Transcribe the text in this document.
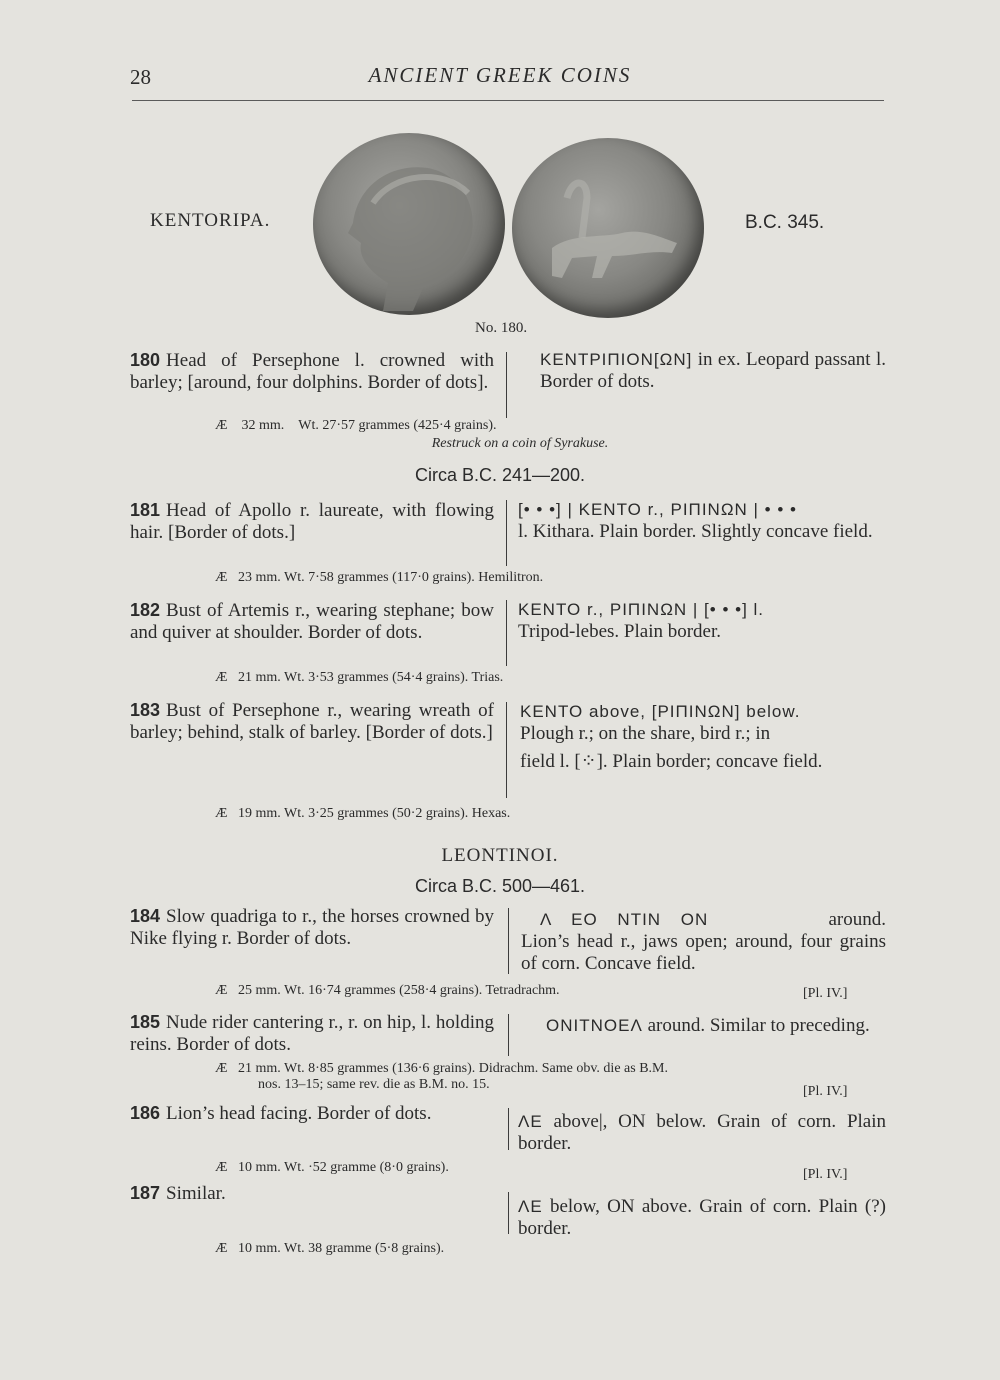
28	ANCIENT GREEK COINS
KENTORIPA.	B.C. 345.
No. 180.
180 Head of Persephone l. crowned with barley; [around, four dolphins. Border of dots].
ΚΕΝΤΡΙΠΙΟΝ[ΩΝ] in ex. Leopard passant l. Border of dots.
Æ 32 mm. Wt. 27·57 grammes (425·4 grains).
Restruck on a coin of Syrakuse.
Circa B.C. 241—200.
181 Head of Apollo r. laureate, with flowing hair. [Border of dots.]
[• • •] | ΚΕΝΤΟ r., ΡΙΠΙΝΩΝ | • • •
l. Kithara. Plain border. Slightly concave field.
Æ 23 mm. Wt. 7·58 grammes (117·0 grains). Hemilitron.
182 Bust of Artemis r., wearing stephane; bow and quiver at shoulder. Border of dots.
ΚΕΝΤΟ r., ΡΙΠΙΝΩΝ | [• • •] l.
Tripod-lebes. Plain border.
Æ 21 mm. Wt. 3·53 grammes (54·4 grains). Trias.
183 Bust of Persephone r., wearing wreath of barley; behind, stalk of barley. [Border of dots.]
ΚΕΝΤΟ above, [ΡΙΠΙΝΩΝ] below.
Plough r.; on the share, bird r.; in
field l. [⁘]. Plain border; concave field.
Æ 19 mm. Wt. 3·25 grammes (50·2 grains). Hexas.
LEONTINOI.
Circa B.C. 500—461.
184 Slow quadriga to r., the horses crowned by Nike flying r. Border of dots.
Λ ΕΟ ΝΤΙΝ ΟΝ	around.
Lion’s head r., jaws open; around, four grains of corn. Concave field.
Æ 25 mm. Wt. 16·74 grammes (258·4 grains). Tetradrachm.	[Pl. IV.]
185 Nude rider cantering r., r. on hip, l. holding reins. Border of dots.
ΟΝΙΤΝΟΕΛ around. Similar to preceding.
Æ 21 mm. Wt. 8·85 grammes (136·6 grains). Didrachm. Same obv. die as B.M.
nos. 13–15; same rev. die as B.M. no. 15.	[Pl. IV.]
186 Lion’s head facing. Border of dots.	ΛΕ above|, ΟΝ below. Grain of corn. Plain border.
Æ 10 mm. Wt. ·52 gramme (8·0 grains).	[Pl. IV.]
187 Similar.
ΛΕ below, ΟΝ above. Grain of corn. Plain (?) border.
Æ 10 mm. Wt. 38 gramme (5·8 grains).
